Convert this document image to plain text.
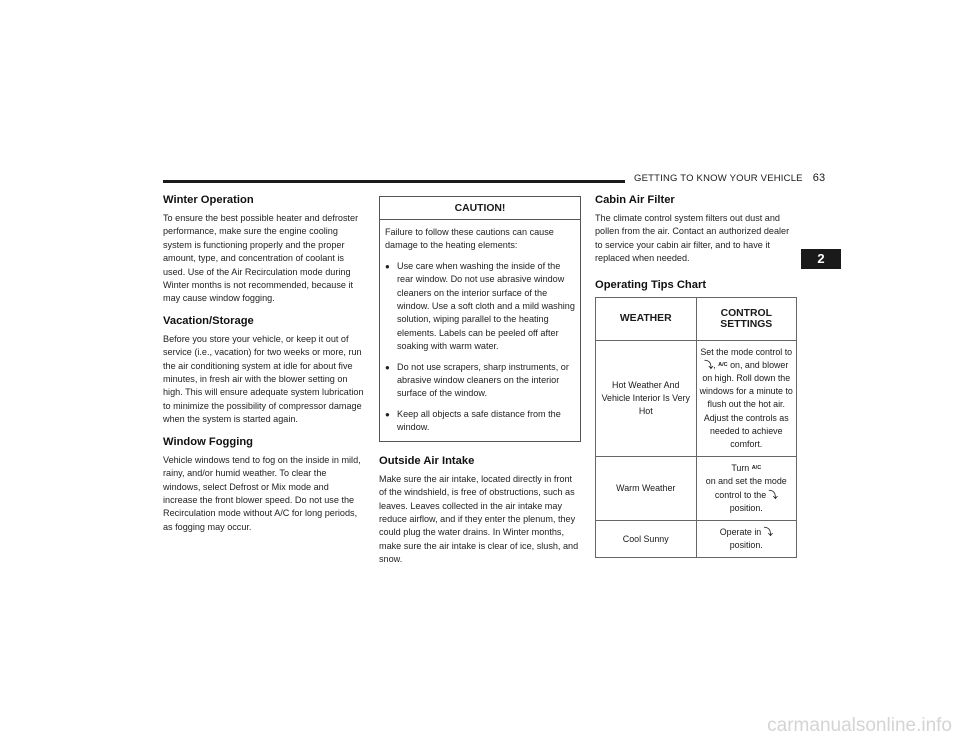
GETTING TO KNOW YOUR VEHICLE 63
Winter Operation

To ensure the best possible heater and defroster performance, make sure the engine cooling system is functioning properly and the proper amount, type, and concentration of coolant is used. Use of the Air Recirculation mode during Winter months is not recommended, because it may cause window fogging.

Vacation/Storage

Before you store your vehicle, or keep it out of service (i.e., vacation) for two weeks or more, run the air conditioning system at idle for about five minutes, in fresh air with the blower setting on high. This will ensure adequate system lubrication to minimize the possibility of compressor damage when the system is started again.

Window Fogging

Vehicle windows tend to fog on the inside in mild, rainy, and/or humid weather. To clear the windows, select Defrost or Mix mode and increase the front blower speed. Do not use the Recirculation mode without A/C for long periods, as fogging may occur.

CAUTION!

Failure to follow these cautions can cause damage to the heating elements:

● Use care when washing the inside of the rear window. Do not use abrasive window cleaners on the interior surface of the window. Use a soft cloth and a mild washing solution, wiping parallel to the heating elements. Labels can be peeled off after soaking with warm water.
● Do not use scrapers, sharp instruments, or abrasive window cleaners on the interior surface of the window.
● Keep all objects a safe distance from the window.
Outside Air Intake

Make sure the air intake, located directly in front of the windshield, is free of obstructions, such as leaves. Leaves collected in the air intake may reduce airflow, and if they enter the plenum, they could plug the water drains. In Winter months, make sure the air intake is clear of ice, slush, and snow.

Cabin Air Filter

The climate control system filters out dust and pollen from the air. Contact an authorized dealer to service your cabin air filter, and to have it replaced when needed.

Operating Tips Chart
WEATHER	CONTROL SETTINGS
Hot Weather And Vehicle Interior Is Very Hot	Set the mode control to ⤵, $^{A/C}$ on, and blower on high. Roll down the windows for a minute to flush out the hot air. Adjust the controls as needed to achieve comfort.
Warm Weather	Turn $^{A/C}$
on and set the mode control to the ⤵
position.
Cool Sunny	Operate in ⤵
position.
2
carmanualsonline.info
